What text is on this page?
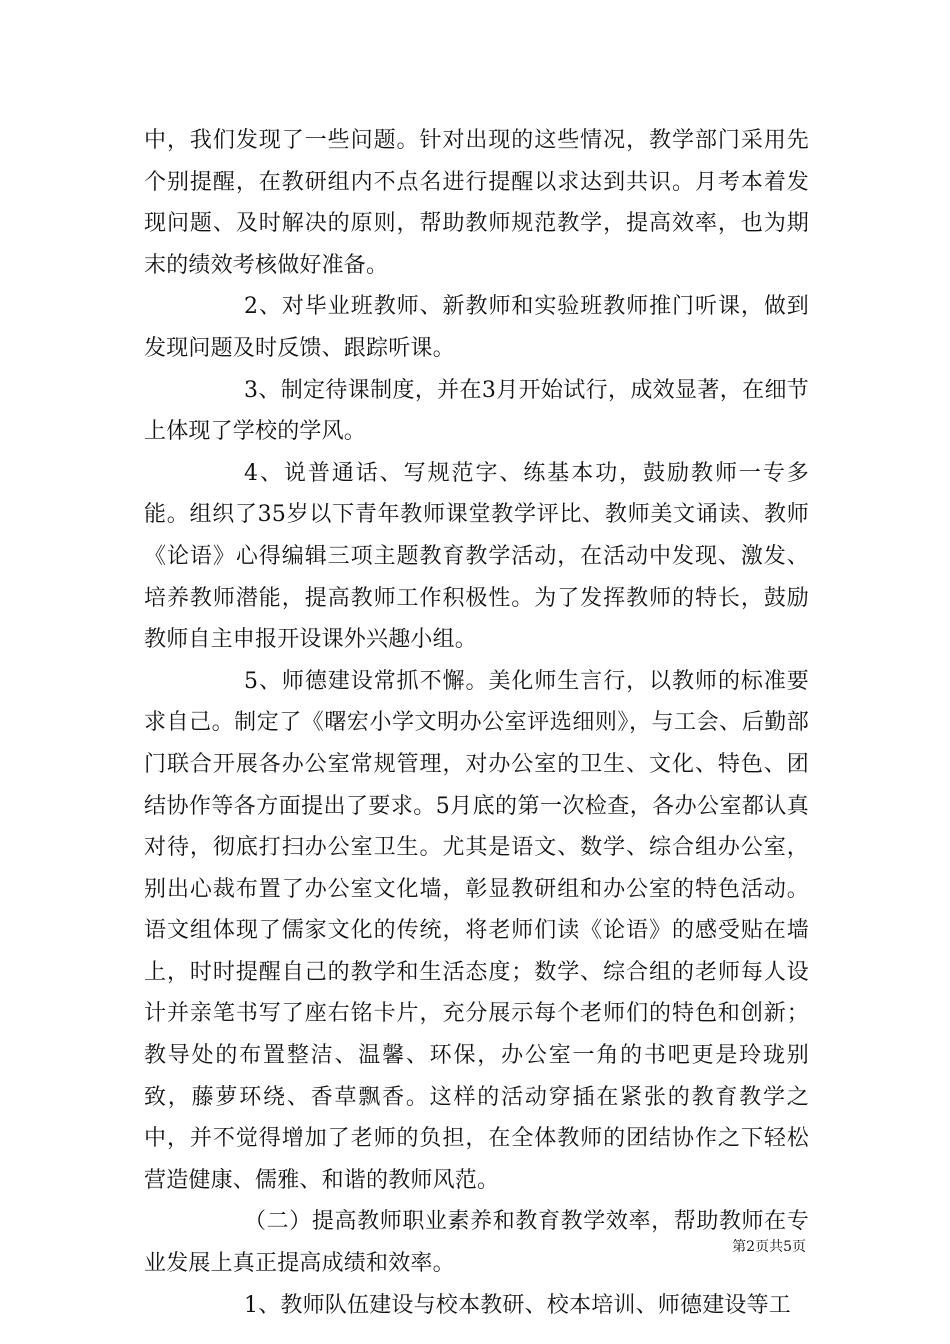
中，我们发现了一些问题。针对出现的这些情况，教学部门采用先个别提醒，在教研组内不点名进行提醒以求达到共识。月考本着发现问题、及时解决的原则，帮助教师规范教学，提高效率，也为期末的绩效考核做好准备。

2、对毕业班教师、新教师和实验班教师推门听课，做到发现问题及时反馈、跟踪听课。

3、制定待课制度，并在3月开始试行，成效显著，在细节上体现了学校的学风。

4、说普通话、写规范字、练基本功，鼓励教师一专多能。组织了35岁以下青年教师课堂教学评比、教师美文诵读、教师《论语》心得编辑三项主题教育教学活动，在活动中发现、激发、培养教师潜能，提高教师工作积极性。为了发挥教师的特长，鼓励教师自主申报开设课外兴趣小组。

5、师德建设常抓不懈。美化师生言行，以教师的标准要求自己。制定了《曙宏小学文明办公室评选细则》，与工会、后勤部门联合开展各办公室常规管理，对办公室的卫生、文化、特色、团结协作等各方面提出了要求。5月底的第一次检查，各办公室都认真对待，彻底打扫办公室卫生。尤其是语文、数学、综合组办公室，别出心裁布置了办公室文化墙，彰显教研组和办公室的特色活动。语文组体现了儒家文化的传统，将老师们读《论语》的感受贴在墙上，时时提醒自己的教学和生活态度；数学、综合组的老师每人设计并亲笔书写了座右铭卡片，充分展示每个老师们的特色和创新；教导处的布置整洁、温馨、环保，办公室一角的书吧更是玲珑别致，藤萝环绕、香草飘香。这样的活动穿插在紧张的教育教学之中，并不觉得增加了老师的负担，在全体教师的团结协作之下轻松营造健康、儒雅、和谐的教师风范。

（二）提高教师职业素养和教育教学效率，帮助教师在专业发展上真正提高成绩和效率。

1、教师队伍建设与校本教研、校本培训、师德建设等工

第2页共5页
